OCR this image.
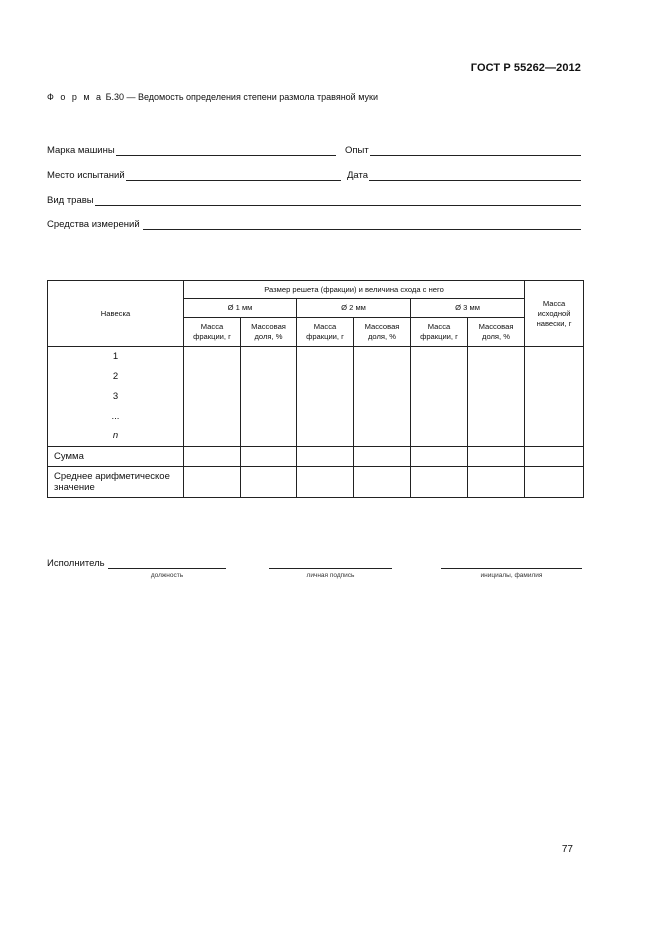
ГОСТ Р 55262—2012
Ф о р м а Б.30 — Ведомость определения степени размола травяной муки
Марка машины	Опыт
Место испытаний	Дата
Вид травы
Средства измерений
Навеска	Размер решета (фракции) и величина схода с него						Масса исходной навески, г
	Ø 1 мм		Ø 2 мм		Ø 3 мм		
	Масса фракции, г	Массовая доля, %	Масса фракции, г	Массовая доля, %	Масса фракции, г	Массовая доля, %	
1							
2							
3							
...							
n							
Сумма							
Среднее арифметическое значение							
Исполнитель
должность	личная подпись	инициалы, фамилия
77
